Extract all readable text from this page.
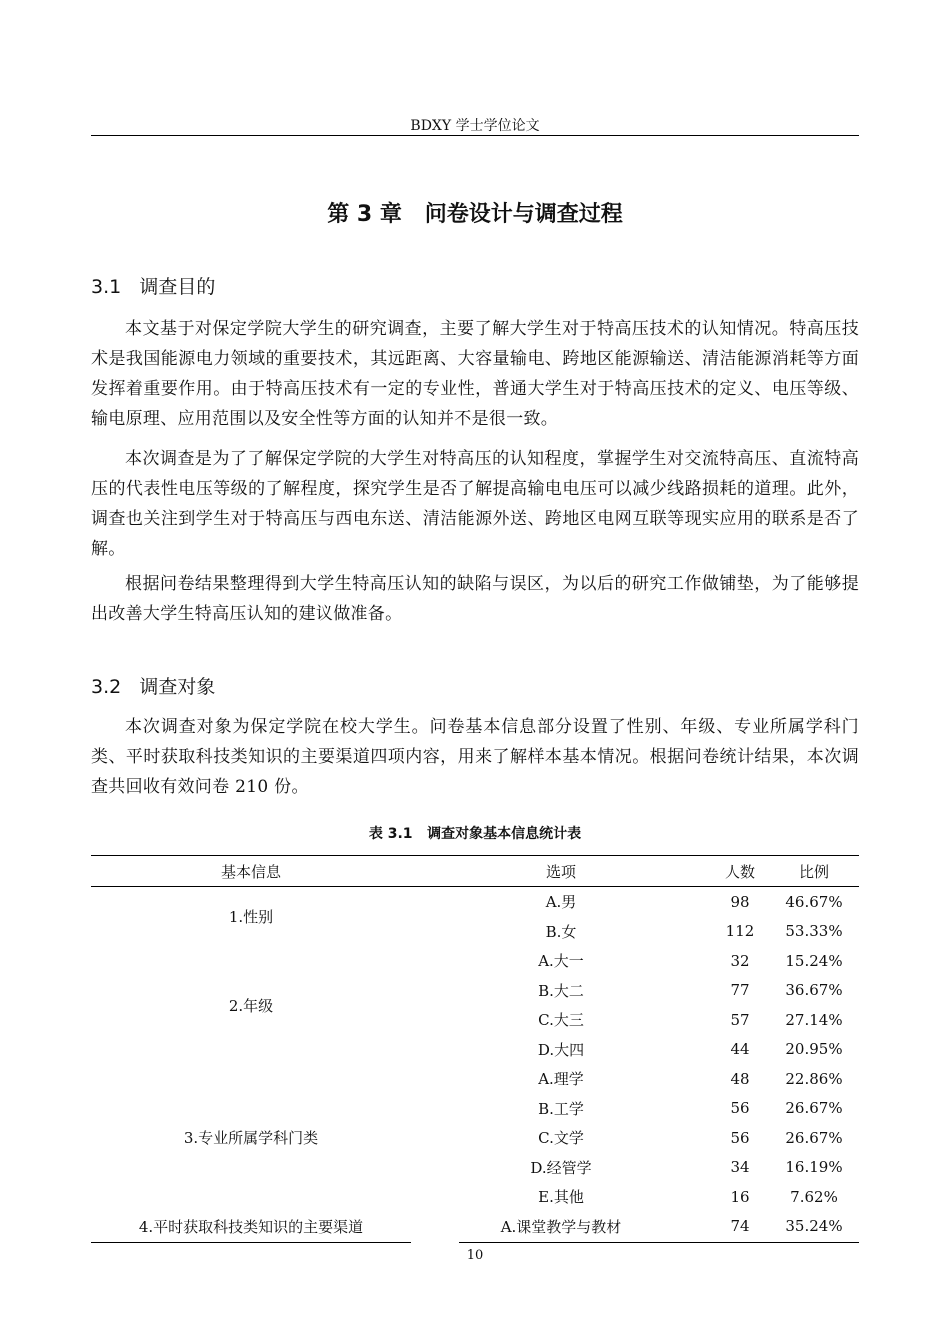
BDXY 学士学位论文
第 3 章   问卷设计与调查过程
3.1   调查目的

本文基于对保定学院大学生的研究调查，主要了解大学生对于特高压技术的认知情况。特高压技术是我国能源电力领域的重要技术，其远距离、大容量输电、跨地区能源输送、清洁能源消耗等方面发挥着重要作用。由于特高压技术有一定的专业性，普通大学生对于特高压技术的定义、电压等级、输电原理、应用范围以及安全性等方面的认知并不是很一致。

本次调查是为了了解保定学院的大学生对特高压的认知程度，掌握学生对交流特高压、直流特高压的代表性电压等级的了解程度，探究学生是否了解提高输电电压可以减少线路损耗的道理。此外，调查也关注到学生对于特高压与西电东送、清洁能源外送、跨地区电网互联等现实应用的联系是否了解。

根据问卷结果整理得到大学生特高压认知的缺陷与误区，为以后的研究工作做铺垫，为了能够提出改善大学生特高压认知的建议做准备。

3.2   调查对象

本次调查对象为保定学院在校大学生。问卷基本信息部分设置了性别、年级、专业所属学科门类、平时获取科技类知识的主要渠道四项内容，用来了解样本基本情况。根据问卷统计结果，本次调查共回收有效问卷 210 份。

表 3.1   调查对象基本信息统计表
基本信息	选项	人数	比例
1.性别	A.男	98	46.67%
	B.女	112	53.33%
2.年级	A.大一	32	15.24%
	B.大二	77	36.67%
	C.大三	57	27.14%
	D.大四	44	20.95%
3.专业所属学科门类	A.理学	48	22.86%
	B.工学	56	26.67%
	C.文学	56	26.67%
	D.经管学	34	16.19%
	E.其他	16	7.62%
4.平时获取科技类知识的主要渠道	A.课堂教学与教材	74	35.24%
10
